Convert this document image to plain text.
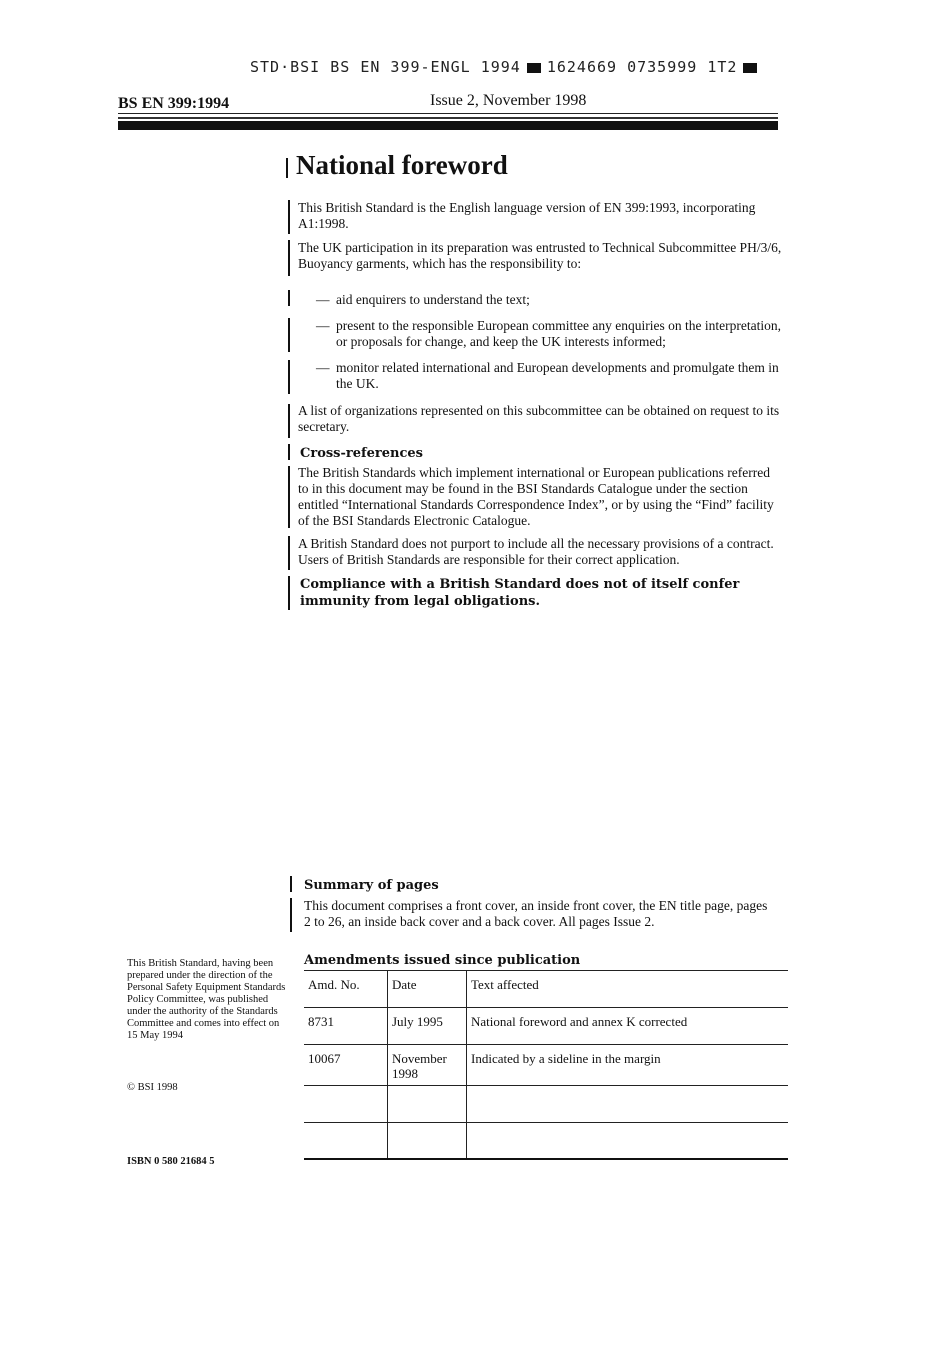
STD·BSI BS EN 399-ENGL 1994 1624669 0735999 1T2
BS EN 399:1994	Issue 2, November 1998
National foreword
This British Standard is the English language version of EN 399:1993, incorporating A1:1998.
The UK participation in its preparation was entrusted to Technical Subcommittee PH/3/6, Buoyancy garments, which has the responsibility to:
— aid enquirers to understand the text;
— present to the responsible European committee any enquiries on the interpretation, or proposals for change, and keep the UK interests informed;
— monitor related international and European developments and promulgate them in the UK.
A list of organizations represented on this subcommittee can be obtained on request to its secretary.
Cross-references
The British Standards which implement international or European publications referred to in this document may be found in the BSI Standards Catalogue under the section entitled “International Standards Correspondence Index”, or by using the “Find” facility of the BSI Standards Electronic Catalogue.
A British Standard does not purport to include all the necessary provisions of a contract. Users of British Standards are responsible for their correct application.
Compliance with a British Standard does not of itself confer immunity from legal obligations.
Summary of pages
This document comprises a front cover, an inside front cover, the EN title page, pages 2 to 26, an inside back cover and a back cover. All pages Issue 2.
This British Standard, having been prepared under the direction of the Personal Safety Equipment Standards Policy Committee, was published under the authority of the Standards Committee and comes into effect on 15 May 1994
© BSI 1998
ISBN 0 580 21684 5
Amendments issued since publication
Amd. No.	Date	Text affected
8731	July 1995	National foreword and annex K corrected
10067	November 1998	Indicated by a sideline in the margin
